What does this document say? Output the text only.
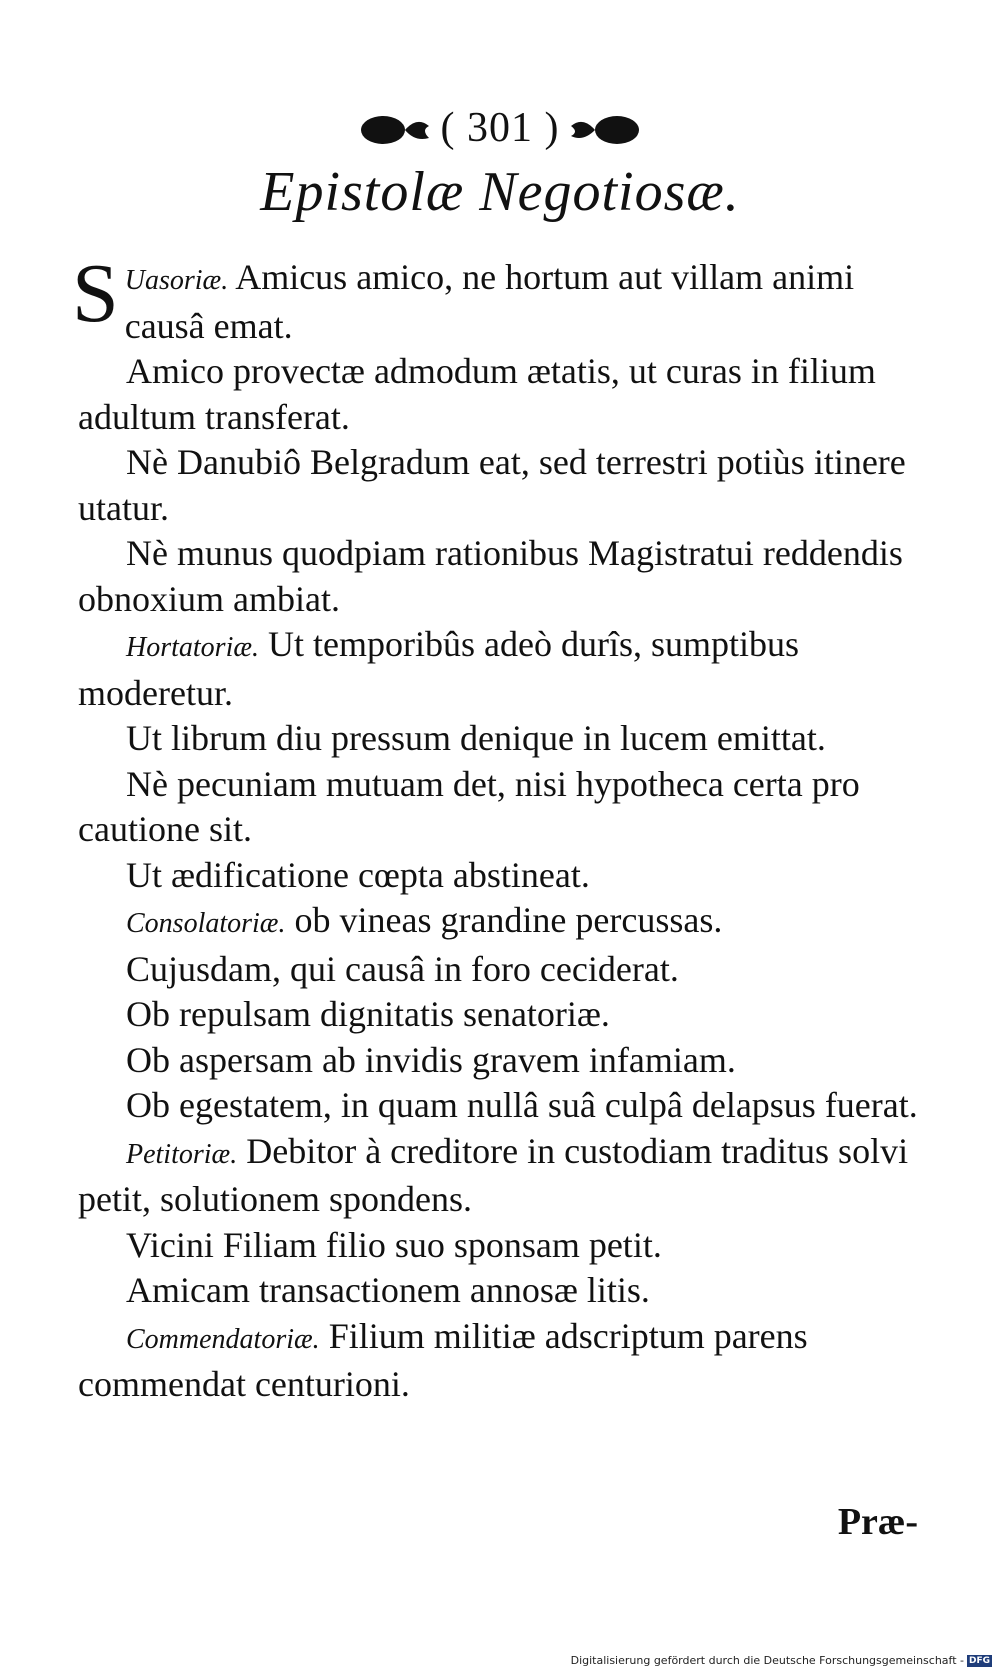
( 301 )
Epistolæ Negotiosæ.
S Uasoriæ. Amicus amico, ne hortum aut villam animi causâ emat.

Amico provectæ admodum ætatis, ut curas in filium adultum transferat.

Nè Danubiô Belgradum eat, sed terrestri potiùs itinere utatur.

Nè munus quodpiam rationibus Magistratui reddendis obnoxium ambiat.

Hortatoriæ. Ut temporibûs adeò durîs, sumptibus moderetur.

Ut librum diu pressum denique in lucem emittat.

Nè pecuniam mutuam det, nisi hypotheca certa pro cautione sit.

Ut ædificatione cœpta abstineat.

Consolatoriæ. ob vineas grandine percussas.

Cujusdam, qui causâ in foro ceciderat.

Ob repulsam dignitatis senatoriæ.

Ob aspersam ab invidis gravem infamiam.

Ob egestatem, in quam nullâ suâ culpâ delapsus fuerat.

Petitoriæ. Debitor à creditore in custodiam traditus solvi petit, solutionem spondens.

Vicini Filiam filio suo sponsam petit.

Amicam transactionem annosæ litis.

Commendatoriæ. Filium militiæ adscriptum parens commendat centurioni.

Præ-
Digitalisierung gefördert durch die Deutsche Forschungsgemeinschaft - DFG
